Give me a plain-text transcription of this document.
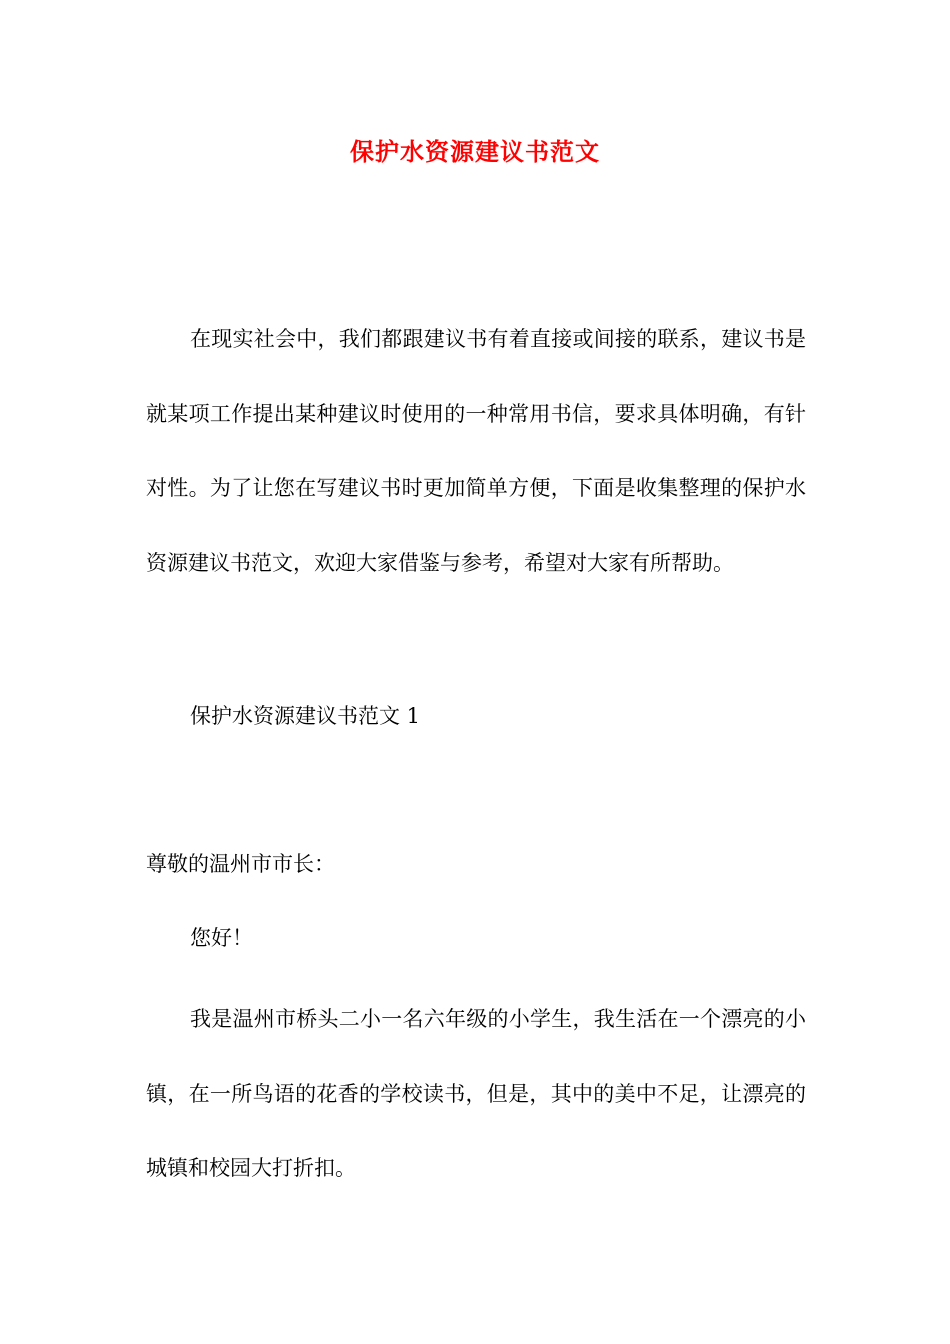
保护水资源建议书范文
在现实社会中，我们都跟建议书有着直接或间接的联系，建议书是就某项工作提出某种建议时使用的一种常用书信，要求具体明确，有针对性。为了让您在写建议书时更加简单方便，下面是收集整理的保护水资源建议书范文，欢迎大家借鉴与参考，希望对大家有所帮助。
保护水资源建议书范文 1
尊敬的温州市市长：
您好！
我是温州市桥头二小一名六年级的小学生，我生活在一个漂亮的小镇，在一所鸟语的花香的学校读书，但是，其中的美中不足，让漂亮的城镇和校园大打折扣。
